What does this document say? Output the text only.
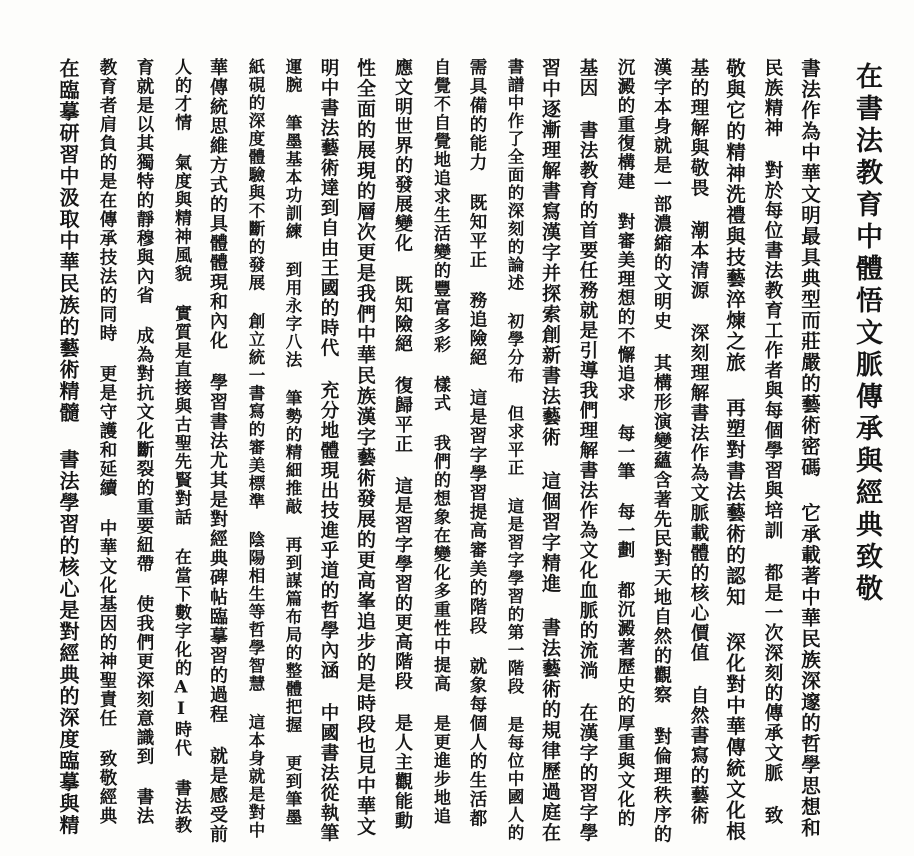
在書法教育中體悟文脈傳承與經典致敬
書法作為中華文明最具典型而莊嚴的藝術密碼 它承載著中華民族深邃的哲學思想和
民族精神 對於每位書法教育工作者與每個學習與培訓 都是一次深刻的傳承文脈 致
敬與它的精神洗禮與技藝淬煉之旅 再塑對書法藝術的認知 深化對中華傳統文化根
基的理解與敬畏 潮本清源 深刻理解書法作為文脈載體的核心價值 自然書寫的藝術
漢字本身就是一部濃縮的文明史 其構形演變蘊含著先民對天地自然的觀察 對倫理秩序的
沉澱的重復構建 對審美理想的不懈追求 每一筆 每一劃 都沉澱著歷史的厚重與文化的
基因 書法教育的首要任務就是引導我們理解書法作為文化血脈的流淌 在漢字的習字學
習中逐漸理解書寫漢字并探索創新書法藝術 這個習字精進 書法藝術的規律歷過庭在
書譜中作了全面的深刻的論述 初學分布 但求平正 這是習字學習的第一階段 是每位中國人的
需具備的能力 既知平正 務追險絕 這是習字學習提高審美的階段 就象每個人的生活都
自覺不自覺地追求生活變的豐富多彩 樣式 我們的想象在變化多重性中提高 是更進步地追
應文明世界的發展變化 既知險絕 復歸平正 這是習字學習的更高階段 是人主觀能動
性全面的展現的層次更是我們中華民族漢字藝術發展的更高峯追步的是時段也見中華文
明中書法藝術達到自由王國的時代 充分地體現出技進乎道的哲學內涵 中國書法從執筆
運腕 筆墨基本功訓練 到用永字八法 筆勢的精細推敲 再到謀篇布局的整體把握 更到筆墨
紙硯的深度體驗與不斷的發展 創立統一書寫的審美標準 陰陽相生等哲學智慧 這本身就是對中
華傳統思維方式的具體體現和內化 學習書法尤其是對經典碑帖臨摹習的過程 就是感受前
人的才情 氣度與精神風貌 實質是直接與古聖先賢對話 在當下數字化的AI時代 書法教
育就是以其獨特的靜穆與內省 成為對抗文化斷裂的重要紐帶 使我們更深刻意識到 書法
教育者肩負的是在傳承技法的同時 更是守護和延續 中華文化基因的神聖責任 致敬經典
在臨摹研習中汲取中華民族的藝術精髓 書法學習的核心是對經典的深度臨摹與精
